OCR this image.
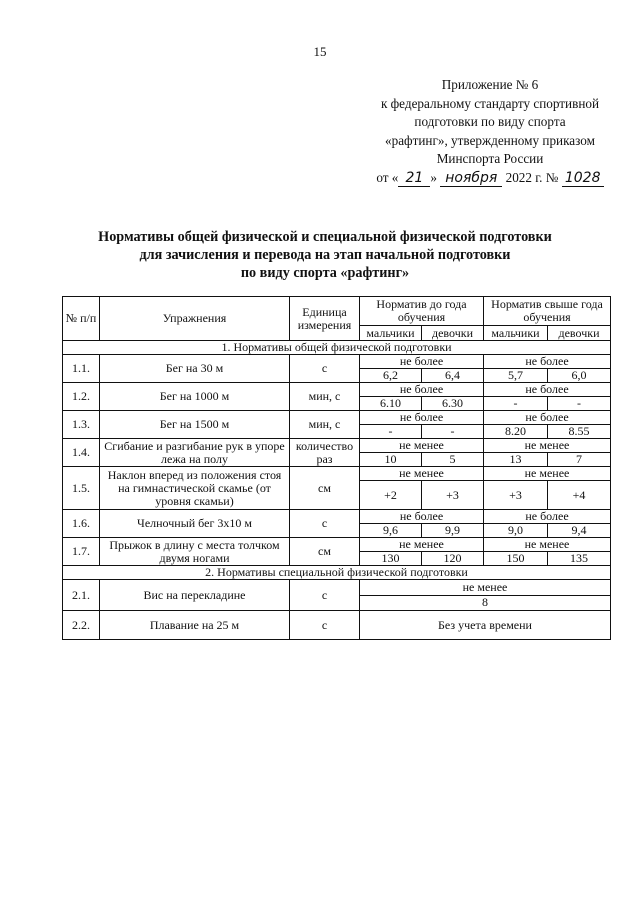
15
Приложение № 6
к федеральному стандарту спортивной
подготовки по виду спорта
«рафтинг», утвержденному приказом
Минспорта России
от « 21 » ноября 2022 г. № 1028
Нормативы общей физической и специальной физической подготовки
для зачисления и перевода на этап начальной подготовки
по виду спорта «рафтинг»
№ п/п	Упражнения	Единица измерения	Норматив до года обучения		Норматив свыше года обучения	
			мальчики	девочки	мальчики	девочки
1. Нормативы общей физической подготовки						
1.1.	Бег на 30 м	с	не более		не более	
			6,2	6,4	5,7	6,0
1.2.	Бег на 1000 м	мин, с	не более		не более	
			6.10	6.30	-	-
1.3.	Бег на 1500 м	мин, с	не более		не более	
			-	-	8.20	8.55
1.4.	Сгибание и разгибание рук в упоре лежа на полу	количество раз	не менее		не менее	
			10	5	13	7
1.5.	Наклон вперед из положения стоя на гимнастической скамье (от уровня скамьи)	см	не менее		не менее	
			+2	+3	+3	+4
1.6.	Челночный бег 3х10 м	с	не более		не более	
			9,6	9,9	9,0	9,4
1.7.	Прыжок в длину с места толчком двумя ногами	см	не менее		не менее	
			130	120	150	135
2. Нормативы специальной физической подготовки						
2.1.	Вис на перекладине	с	не менее			
			8			
2.2.	Плавание на 25 м	с	Без учета времени			
